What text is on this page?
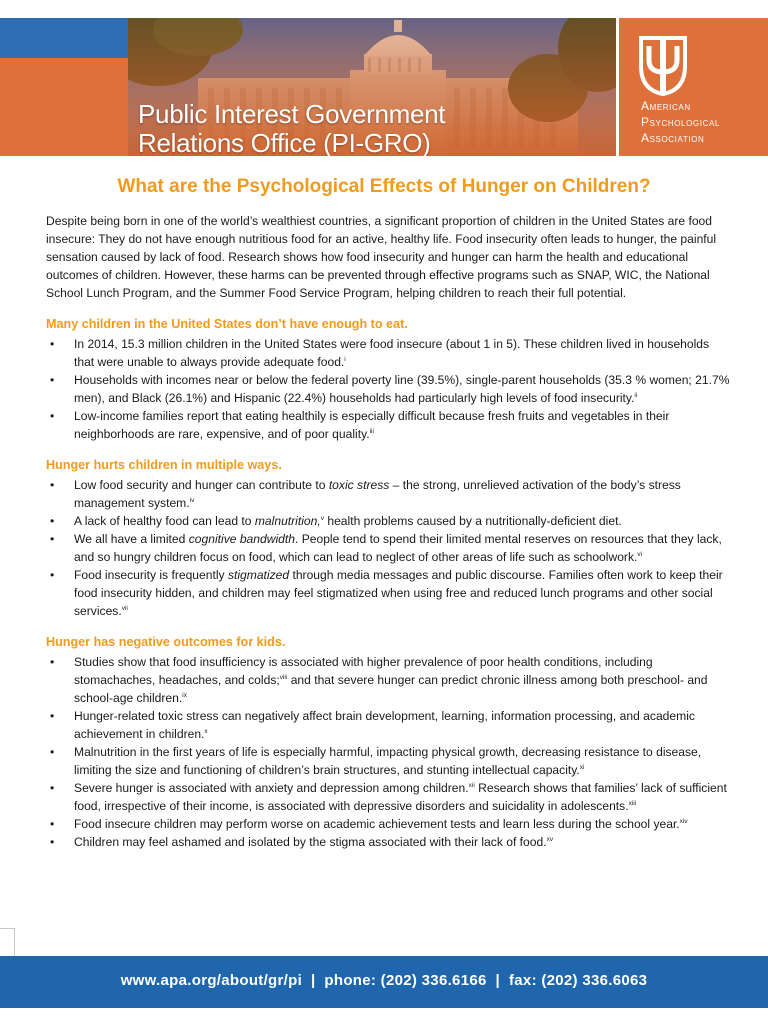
Public Interest Government
Relations Office (PI-GRO)
American
Psychological
Association
What are the Psychological Effects of Hunger on Children?

Despite being born in one of the world’s wealthiest countries, a significant proportion of children in the United States are food insecure: They do not have enough nutritious food for an active, healthy life. Food insecurity often leads to hunger, the painful sensation caused by lack of food. Research shows how food insecurity and hunger can harm the health and educational outcomes of children. However, these harms can be prevented through effective programs such as SNAP, WIC, the National School Lunch Program, and the Summer Food Service Program, helping children to reach their full potential.

Many children in the United States don’t have enough to eat.
• In 2014, 15.3 million children in the United States were food insecure (about 1 in 5). These children lived in households that were unable to always provide adequate food.$^i$
• Households with incomes near or below the federal poverty line (39.5%), single-parent households (35.3 % women; 21.7% men), and Black (26.1%) and Hispanic (22.4%) households had particularly high levels of food insecurity.$^{ii}$
• Low-income families report that eating healthily is especially difficult because fresh fruits and vegetables in their neighborhoods are rare, expensive, and of poor quality.$^{iii}$
Hunger hurts children in multiple ways.
• Low food security and hunger can contribute to toxic stress – the strong, unrelieved activation of the body’s stress management system.$^{iv}$
• A lack of healthy food can lead to malnutrition,$^v$ health problems caused by a nutritionally-deficient diet.
• We all have a limited cognitive bandwidth. People tend to spend their limited mental reserves on resources that they lack, and so hungry children focus on food, which can lead to neglect of other areas of life such as schoolwork.$^{vi}$
• Food insecurity is frequently stigmatized through media messages and public discourse. Families often work to keep their food insecurity hidden, and children may feel stigmatized when using free and reduced lunch programs and other social services.$^{vii}$
Hunger has negative outcomes for kids.
• Studies show that food insufficiency is associated with higher prevalence of poor health conditions, including stomachaches, headaches, and colds;$^{viii}$ and that severe hunger can predict chronic illness among both preschool- and school-age children.$^{ix}$
• Hunger-related toxic stress can negatively affect brain development, learning, information processing, and academic achievement in children.$^x$
• Malnutrition in the first years of life is especially harmful, impacting physical growth, decreasing resistance to disease, limiting the size and functioning of children’s brain structures, and stunting intellectual capacity.$^{xi}$
• Severe hunger is associated with anxiety and depression among children.$^{xii}$ Research shows that families’ lack of sufficient food, irrespective of their income, is associated with depressive disorders and suicidality in adolescents.$^{xiii}$
• Food insecure children may perform worse on academic achievement tests and learn less during the school year.$^{xiv}$
• Children may feel ashamed and isolated by the stigma associated with their lack of food.$^{xv}$
www.apa.org/about/gr/pi  |  phone: (202) 336.6166  |  fax: (202) 336.6063
